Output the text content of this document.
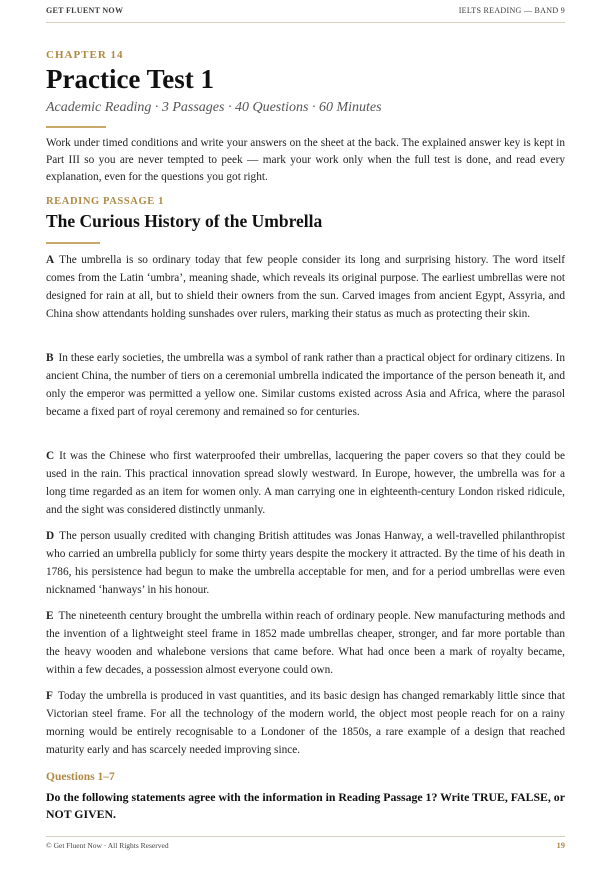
GET FLUENT NOW	IELTS READING — BAND 9
CHAPTER 14
Practice Test 1
Academic Reading · 3 Passages · 40 Questions · 60 Minutes

Work under timed conditions and write your answers on the sheet at the back. The explained answer key is kept in Part III so you are never tempted to peek — mark your work only when the full test is done, and read every explanation, even for the questions you got right.

READING PASSAGE 1
The Curious History of the Umbrella

A The umbrella is so ordinary today that few people consider its long and surprising history. The word itself comes from the Latin ‘umbra’, meaning shade, which reveals its original purpose. The earliest umbrellas were not designed for rain at all, but to shield their owners from the sun. Carved images from ancient Egypt, Assyria, and China show attendants holding sunshades over rulers, marking their status as much as protecting their skin.

B In these early societies, the umbrella was a symbol of rank rather than a practical object for ordinary citizens. In ancient China, the number of tiers on a ceremonial umbrella indicated the importance of the person beneath it, and only the emperor was permitted a yellow one. Similar customs existed across Asia and Africa, where the parasol became a fixed part of royal ceremony and remained so for centuries.

C It was the Chinese who first waterproofed their umbrellas, lacquering the paper covers so that they could be used in the rain. This practical innovation spread slowly westward. In Europe, however, the umbrella was for a long time regarded as an item for women only. A man carrying one in eighteenth-century London risked ridicule, and the sight was considered distinctly unmanly.

D The person usually credited with changing British attitudes was Jonas Hanway, a well-travelled philanthropist who carried an umbrella publicly for some thirty years despite the mockery it attracted. By the time of his death in 1786, his persistence had begun to make the umbrella acceptable for men, and for a period umbrellas were even nicknamed ‘hanways’ in his honour.

E The nineteenth century brought the umbrella within reach of ordinary people. New manufacturing methods and the invention of a lightweight steel frame in 1852 made umbrellas cheaper, stronger, and far more portable than the heavy wooden and whalebone versions that came before. What had once been a mark of royalty became, within a few decades, a possession almost everyone could own.

F Today the umbrella is produced in vast quantities, and its basic design has changed remarkably little since that Victorian steel frame. For all the technology of the modern world, the object most people reach for on a rainy morning would be entirely recognisable to a Londoner of the 1850s, a rare example of a design that reached maturity early and has scarcely needed improving since.

Questions 1–7

Do the following statements agree with the information in Reading Passage 1? Write TRUE, FALSE, or NOT GIVEN.

© Get Fluent Now · All Rights Reserved	19
